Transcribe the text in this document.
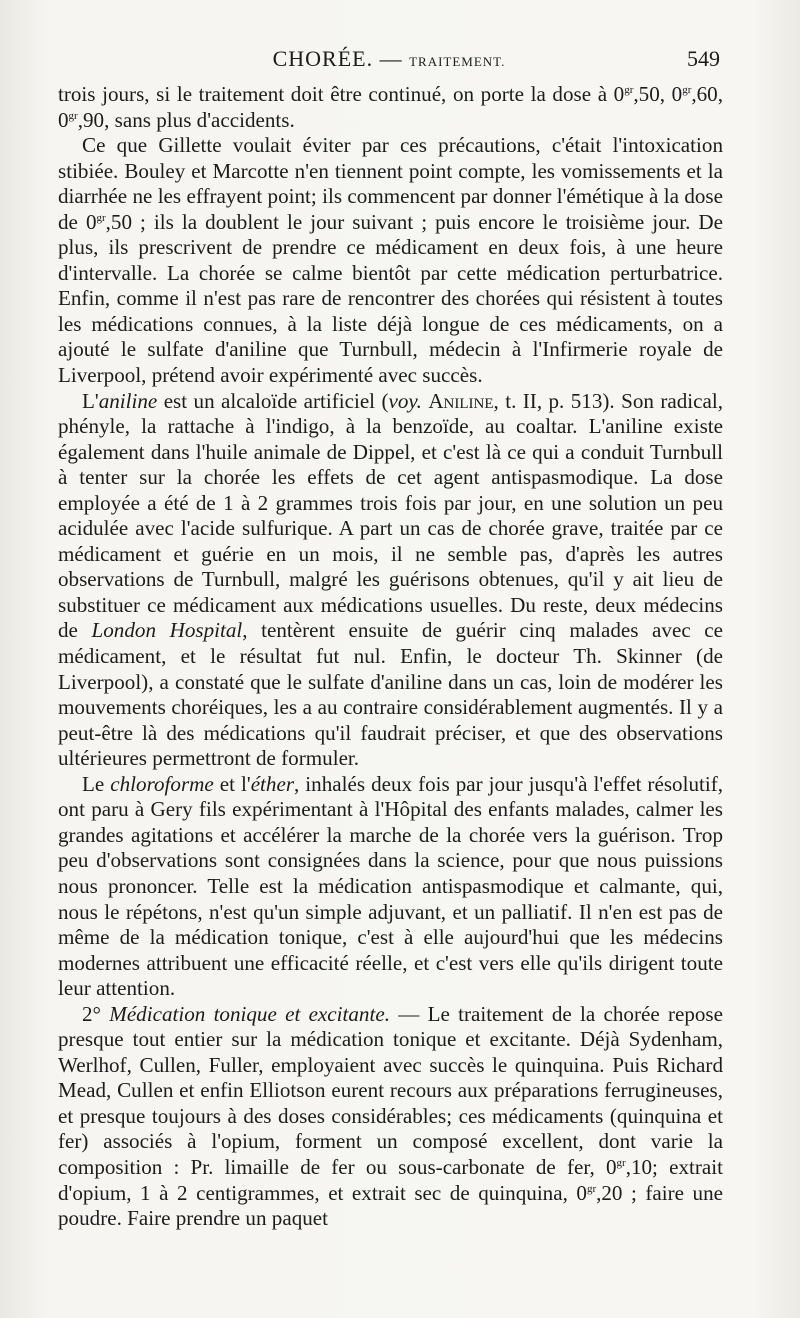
CHORÉE. — TRAITEMENT.	549

trois jours, si le traitement doit être continué, on porte la dose à $0^{gr},50$, $0^{gr},60$, $0^{gr},90$, sans plus d'accidents.

Ce que Gillette voulait éviter par ces précautions, c'était l'intoxication stibiée. Bouley et Marcotte n'en tiennent point compte, les vomissements et la diarrhée ne les effrayent point; ils commencent par donner l'émétique à la dose de $0^{gr},50$ ; ils la doublent le jour suivant ; puis encore le troisième jour. De plus, ils prescrivent de prendre ce médicament en deux fois, à une heure d'intervalle. La chorée se calme bientôt par cette médication perturbatrice. Enfin, comme il n'est pas rare de rencontrer des chorées qui résistent à toutes les médications connues, à la liste déjà longue de ces médicaments, on a ajouté le sulfate d'aniline que Turnbull, médecin à l'Infirmerie royale de Liverpool, prétend avoir expérimenté avec succès.

L'aniline est un alcaloïde artificiel (voy. Aniline, t. II, p. 513). Son radical, phényle, la rattache à l'indigo, à la benzoïde, au coaltar. L'aniline existe également dans l'huile animale de Dippel, et c'est là ce qui a conduit Turnbull à tenter sur la chorée les effets de cet agent antispasmodique. La dose employée a été de 1 à 2 grammes trois fois par jour, en une solution un peu acidulée avec l'acide sulfurique. A part un cas de chorée grave, traitée par ce médicament et guérie en un mois, il ne semble pas, d'après les autres observations de Turnbull, malgré les guérisons obtenues, qu'il y ait lieu de substituer ce médicament aux médications usuelles. Du reste, deux médecins de London Hospital, tentèrent ensuite de guérir cinq malades avec ce médicament, et le résultat fut nul. Enfin, le docteur Th. Skinner (de Liverpool), a constaté que le sulfate d'aniline dans un cas, loin de modérer les mouvements choréiques, les a au contraire considérablement augmentés. Il y a peut-être là des médications qu'il faudrait préciser, et que des observations ultérieures permettront de formuler.

Le chloroforme et l'éther, inhalés deux fois par jour jusqu'à l'effet résolutif, ont paru à Gery fils expérimentant à l'Hôpital des enfants malades, calmer les grandes agitations et accélérer la marche de la chorée vers la guérison. Trop peu d'observations sont consignées dans la science, pour que nous puissions nous prononcer. Telle est la médication antispasmodique et calmante, qui, nous le répétons, n'est qu'un simple adjuvant, et un palliatif. Il n'en est pas de même de la médication tonique, c'est à elle aujourd'hui que les médecins modernes attribuent une efficacité réelle, et c'est vers elle qu'ils dirigent toute leur attention.

2° Médication tonique et excitante. — Le traitement de la chorée repose presque tout entier sur la médication tonique et excitante. Déjà Sydenham, Werlhof, Cullen, Fuller, employaient avec succès le quinquina. Puis Richard Mead, Cullen et enfin Elliotson eurent recours aux préparations ferrugineuses, et presque toujours à des doses considérables; ces médicaments (quinquina et fer) associés à l'opium, forment un composé excellent, dont varie la composition : Pr. limaille de fer ou sous-carbonate de fer, $0^{gr},10$; extrait d'opium, 1 à 2 centigrammes, et extrait sec de quinquina, $0^{gr},20$ ; faire une poudre. Faire prendre un paquet
